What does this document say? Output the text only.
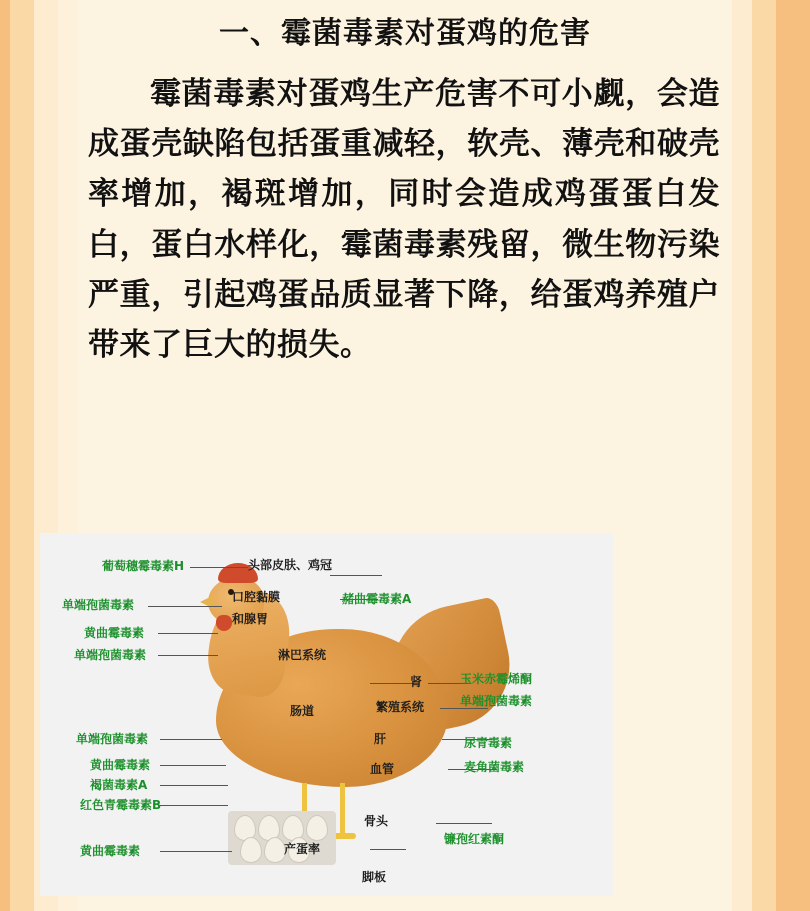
一、霉菌毒素对蛋鸡的危害
霉菌毒素对蛋鸡生产危害不可小觑，会造成蛋壳缺陷包括蛋重减轻，软壳、薄壳和破壳率增加，褐斑增加，同时会造成鸡蛋蛋白发白，蛋白水样化，霉菌毒素残留，微生物污染严重，引起鸡蛋品质显著下降，给蛋鸡养殖户带来了巨大的损失。
葡萄穗霉毒素H
单端孢菌毒素
黄曲霉毒素
单端孢菌毒素
单端孢菌毒素
黄曲霉毒素
褐菌毒素A
红色青霉毒素B
黄曲霉毒素
头部皮肤、鸡冠
口腔黏膜
和腺胃
淋巴系统
肠道
肝
肾
繁殖系统
血管
骨头
产蛋率
脚板
赭曲霉毒素A
玉米赤霉烯酮
单端孢菌毒素
尿青毒素
麦角菌毒素
镰孢红素酮
